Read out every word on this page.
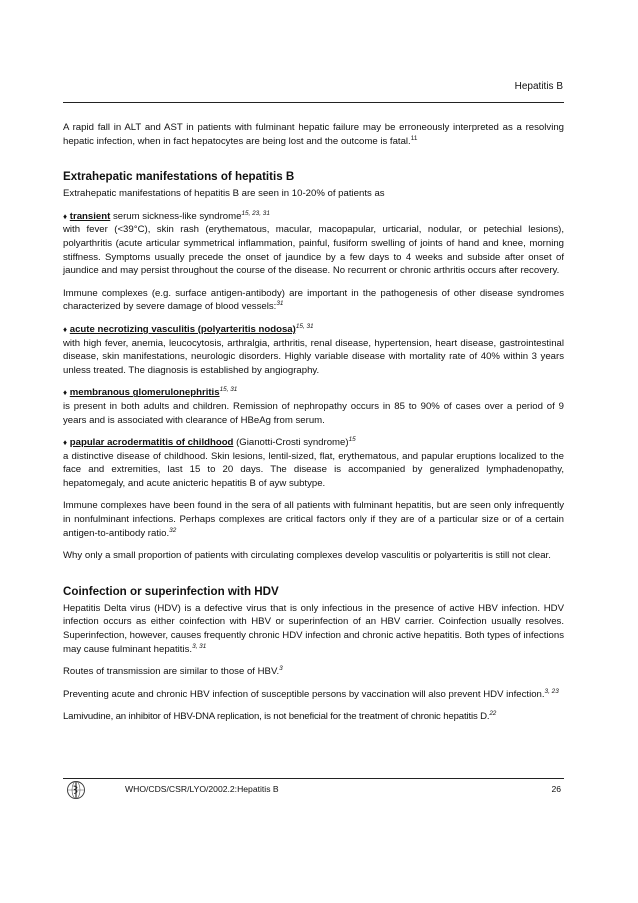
Hepatitis B

A rapid fall in ALT and AST in patients with fulminant hepatic failure may be erroneously interpreted as a resolving hepatic infection, when in fact hepatocytes are being lost and the outcome is fatal.$^{11}$

Extrahepatic manifestations of hepatitis B

Extrahepatic manifestations of hepatitis B are seen in 10-20% of patients as

♦ transient serum sickness-like syndrome$^{15, 23, 31}$
with fever (<39°C), skin rash (erythematous, macular, macopapular, urticarial, nodular, or petechial lesions), polyarthritis (acute articular symmetrical inflammation, painful, fusiform swelling of joints of hand and knee, morning stiffness. Symptoms usually precede the onset of jaundice by a few days to 4 weeks and subside after onset of jaundice and may persist throughout the course of the disease. No recurrent or chronic arthritis occurs after recovery.

Immune complexes (e.g. surface antigen-antibody) are important in the pathogenesis of other disease syndromes characterized by severe damage of blood vessels:$^{31}$

♦ acute necrotizing vasculitis (polyarteritis nodosa)$^{15, 31}$
with high fever, anemia, leucocytosis, arthralgia, arthritis, renal disease, hypertension, heart disease, gastrointestinal disease, skin manifestations, neurologic disorders. Highly variable disease with mortality rate of 40% within 3 years unless treated. The diagnosis is established by angiography.

♦ membranous glomerulonephritis$^{15, 31}$
is present in both adults and children. Remission of nephropathy occurs in 85 to 90% of cases over a period of 9 years and is associated with clearance of HBeAg from serum.

♦ papular acrodermatitis of childhood (Gianotti-Crosti syndrome)$^{15}$
a distinctive disease of childhood. Skin lesions, lentil-sized, flat, erythematous, and papular eruptions localized to the face and extremities, last 15 to 20 days. The disease is accompanied by generalized lymphadenopathy, hepatomegaly, and acute anicteric hepatitis B of ayw subtype.

Immune complexes have been found in the sera of all patients with fulminant hepatitis, but are seen only infrequently in nonfulminant infections. Perhaps complexes are critical factors only if they are of a particular size or of a certain antigen-to-antibody ratio.$^{32}$

Why only a small proportion of patients with circulating complexes develop vasculitis or polyarteritis is still not clear.

Coinfection or superinfection with HDV

Hepatitis Delta virus (HDV) is a defective virus that is only infectious in the presence of active HBV infection. HDV infection occurs as either coinfection with HBV or superinfection of an HBV carrier. Coinfection usually resolves. Superinfection, however, causes frequently chronic HDV infection and chronic active hepatitis. Both types of infections may cause fulminant hepatitis.$^{3, 31}$

Routes of transmission are similar to those of HBV.$^3$

Preventing acute and chronic HBV infection of susceptible persons by vaccination will also prevent HDV infection.$^{3, 23}$

Lamivudine, an inhibitor of HBV-DNA replication, is not beneficial for the treatment of chronic hepatitis D.$^{22}$

WHO/CDS/CSR/LYO/2002.2:Hepatitis B	26
